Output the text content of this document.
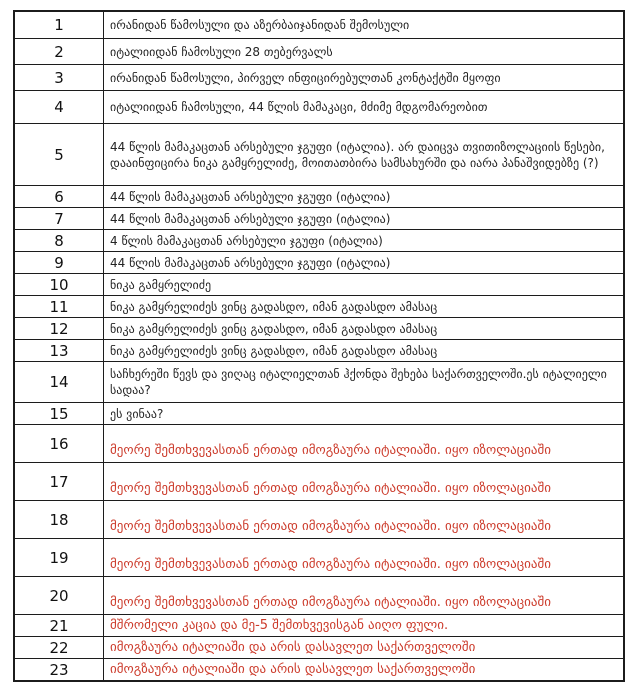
1	ირანიდან წამოსული და აზერბაიჯანიდან შემოსული
2	იტალიიდან ჩამოსული 28 თებერვალს
3	ირანიდან წამოსული, პირველ ინფიცირებულთან კონტაქტში მყოფი
4	იტალიიდან ჩამოსული, 44 წლის მამაკაცი, მძიმე მდგომარეობით
5	44 წლის მამაკაცთან არსებული ჯგუფი (იტალია). არ დაიცვა თვითიზოლაციის წესები, დააინფიცირა ნიკა გამყრელიძე, მოითათბირა სამსახურში და იარა პანაშვიდებზე (?)
6	44 წლის მამაკაცთან არსებული ჯგუფი (იტალია)
7	44 წლის მამაკაცთან არსებული ჯგუფი (იტალია)
8	4 წლის მამაკაცთან არსებული ჯგუფი (იტალია)
9	44 წლის მამაკაცთან არსებული ჯგუფი (იტალია)
10	ნიკა გამყრელიძე
11	ნიკა გამყრელიძეს ვინც გადასდო, იმან გადასდო ამასაც
12	ნიკა გამყრელიძეს ვინც გადასდო, იმან გადასდო ამასაც
13	ნიკა გამყრელიძეს ვინც გადასდო, იმან გადასდო ამასაც
14	საჩხერეში წევს და ვიღაც იტალიელთან ჰქონდა შეხება საქართველოში.ეს იტალიელი სადაა?
15	ეს ვინაა?
16	მეორე შემთხვევასთან ერთად იმოგზაურა იტალიაში. იყო იზოლაციაში
17	მეორე შემთხვევასთან ერთად იმოგზაურა იტალიაში. იყო იზოლაციაში
18	მეორე შემთხვევასთან ერთად იმოგზაურა იტალიაში. იყო იზოლაციაში
19	მეორე შემთხვევასთან ერთად იმოგზაურა იტალიაში. იყო იზოლაციაში
20	მეორე შემთხვევასთან ერთად იმოგზაურა იტალიაში. იყო იზოლაციაში
21	მშრომელი კაცია და მე-5 შემთხვევისგან აიღო ფული.
22	იმოგზაურა იტალიაში და არის დასავლეთ საქართველოში
23	იმოგზაურა იტალიაში და არის დასავლეთ საქართველოში
